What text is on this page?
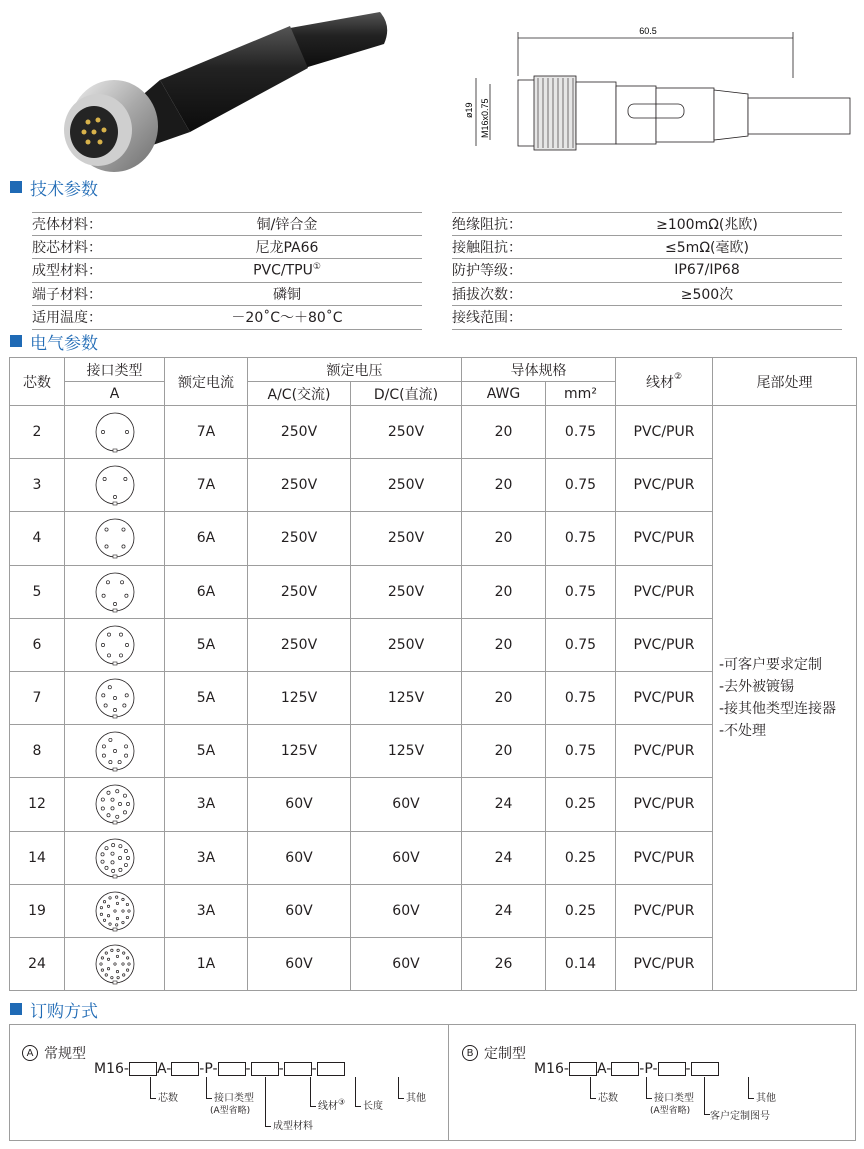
60.5
ø19 M16x0.75
技术参数
壳体材料：	铜/锌合金
胶芯材料：	尼龙PA66
成型材料：	PVC/TPU①
端子材料：	磷铜
适用温度：	－20˚C～＋80˚C
绝缘阻抗：	≥100mΩ(兆欧)
接触阻抗：	≤5mΩ(毫欧)
防护等级：	IP67/IP68
插拔次数：	≥500次
接线范围：
电气参数
芯数	接口类型	额定电流	额定电压		导体规格		线材②	尾部处理
	A		A/C(交流)	D/C(直流)	AWG	mm²		
2		7A	250V	250V	20	0.75	PVC/PUR	-可客户要求定制
-去外被镀锡
-接其他类型连接器
-不处理

3		7A	250V	250V	20	0.75	PVC/PUR	
4		6A	250V	250V	20	0.75	PVC/PUR	
5		6A	250V	250V	20	0.75	PVC/PUR	
6		5A	250V	250V	20	0.75	PVC/PUR	
7		5A	125V	125V	20	0.75	PVC/PUR	
8		5A	125V	125V	20	0.75	PVC/PUR	
12		3A	60V	60V	24	0.25	PVC/PUR	
14		3A	60V	60V	24	0.25	PVC/PUR	
19		3A	60V	60V	24	0.25	PVC/PUR	
24		1A	60V	60V	26	0.14	PVC/PUR	
订购方式
A 常规型
M16- A- -P- - - -
芯数	接口类型
(A型省略)
成型材料
线材③ 长度
其他
B 定制型
M16- A- -P- -
芯数	接口类型
(A型省略) 客户定制图号
其他
